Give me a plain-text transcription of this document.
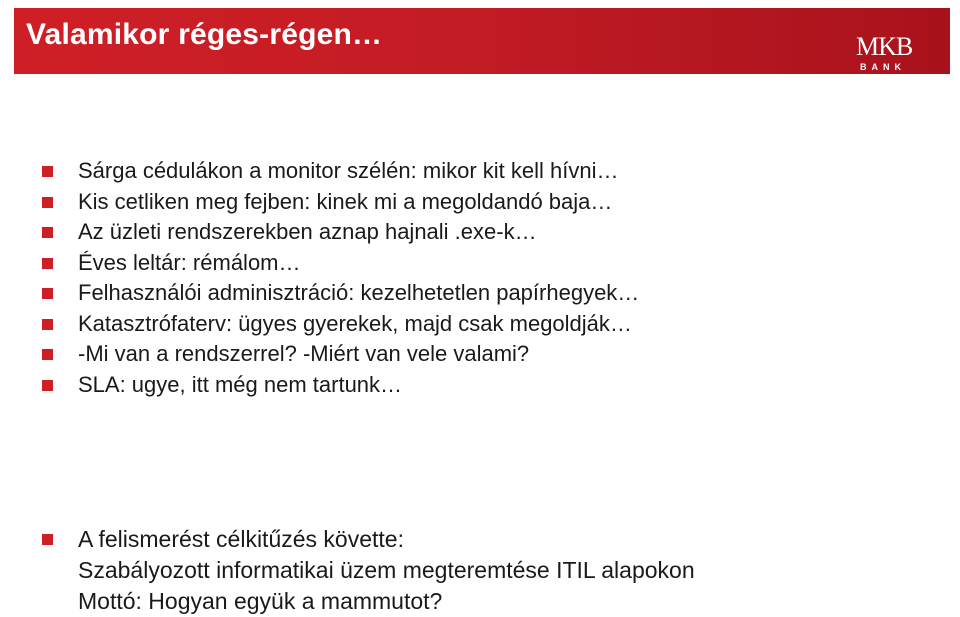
Valamikor réges-régen…	MKB
BANK
Sárga cédulákon a monitor szélén: mikor kit kell hívni…
Kis cetliken meg fejben: kinek mi a megoldandó baja…
Az üzleti rendszerekben aznap hajnali .exe-k…
Éves leltár: rémálom…
Felhasználói adminisztráció: kezelhetetlen papírhegyek…
Katasztrófaterv: ügyes gyerekek, majd csak megoldják…
-Mi van a rendszerrel? -Miért van vele valami?
SLA: ugye, itt még nem tartunk…
A felismerést célkitűzés követte:
Szabályozott informatikai üzem megteremtése ITIL alapokon
Mottó: Hogyan együk a mammutot?
